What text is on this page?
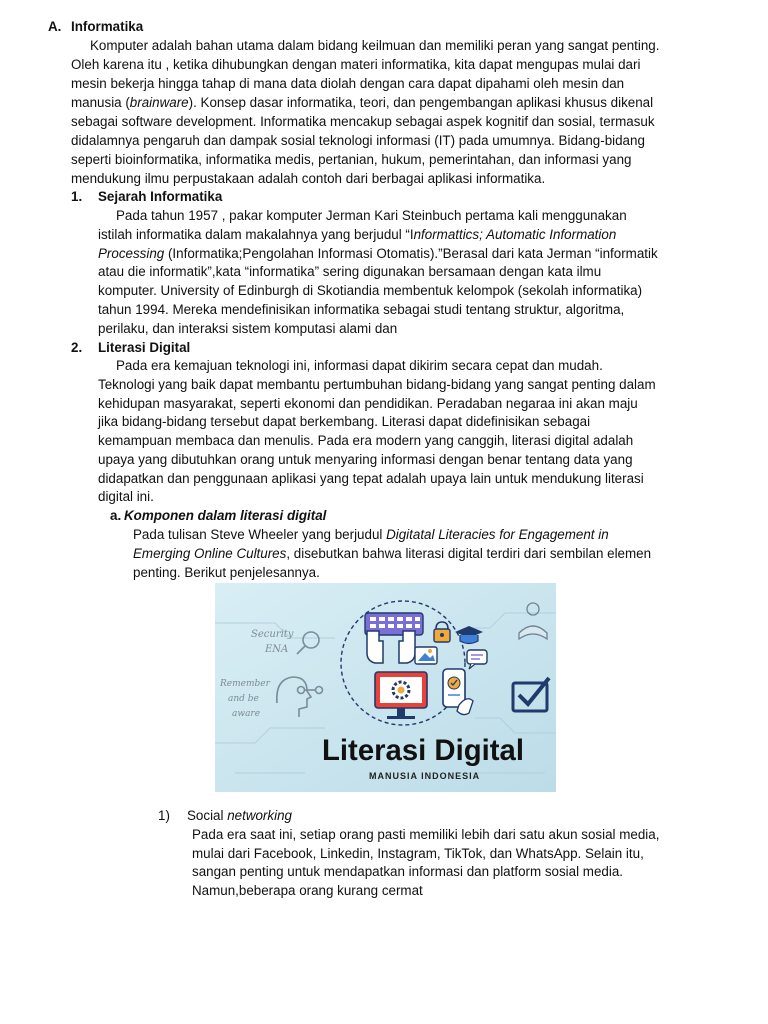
A. Informatika
Komputer adalah bahan utama dalam bidang keilmuan dan memiliki peran yang sangat penting.
Oleh karena itu , ketika dihubungkan dengan materi informatika, kita dapat mengupas mulai dari
mesin bekerja hingga tahap di mana data diolah dengan cara dapat dipahami oleh mesin dan
manusia (brainware). Konsep dasar informatika, teori, dan pengembangan aplikasi khusus dikenal
sebagai software development. Informatika mencakup sebagai aspek kognitif dan sosial, termasuk
didalamnya pengaruh dan dampak sosial teknologi informasi (IT) pada umumnya. Bidang-bidang
seperti bioinformatika, informatika medis, pertanian, hukum, pemerintahan, dan informasi yang
mendukung ilmu perpustakaan adalah contoh dari berbagai aplikasi informatika.
1. Sejarah Informatika
Pada tahun 1957 , pakar komputer Jerman Kari Steinbuch pertama kali menggunakan
istilah informatika dalam makalahnya yang berjudul “Informattics; Automatic Information
Processing (Informatika;Pengolahan Informasi Otomatis).”Berasal dari kata Jerman “informatik
atau die informatik”,kata “informatika” sering digunakan bersamaan dengan kata ilmu
komputer. University of Edinburgh di Skotiandia membentuk kelompok (sekolah informatika)
tahun 1994. Mereka mendefinisikan informatika sebagai studi tentang struktur, algoritma,
perilaku, dan interaksi sistem komputasi alami dan
2. Literasi Digital
Pada era kemajuan teknologi ini, informasi dapat dikirim secara cepat dan mudah.
Teknologi yang baik dapat membantu pertumbuhan bidang-bidang yang sangat penting dalam
kehidupan masyarakat, seperti ekonomi dan pendidikan. Peradaban negaraa ini akan maju
jika bidang-bidang tersebut dapat berkembang. Literasi dapat didefinisikan sebagai
kemampuan membaca dan menulis. Pada era modern yang canggih, literasi digital adalah
upaya yang dibutuhkan orang untuk menyaring informasi dengan benar tentang data yang
didapatkan dan penggunaan aplikasi yang tepat adalah upaya lain untuk mendukung literasi
digital ini.
a. Komponen dalam literasi digital
Pada tulisan Steve Wheeler yang berjudul Digitatal Literacies for Engagement in
Emerging Online Cultures, disebutkan bahwa literasi digital terdiri dari sembilan elemen
penting. Berikut penjelesannya.
Security
ENA
Remember
and be
aware
Literasi Digital
MANUSIA INDONESIA
1) Social networking
Pada era saat ini, setiap orang pasti memiliki lebih dari satu akun sosial media,
mulai dari Facebook, Linkedin, Instagram, TikTok, dan WhatsApp. Selain itu,
sangan penting untuk mendapatkan informasi dan platform sosial media.
Namun,beberapa orang kurang cermat
